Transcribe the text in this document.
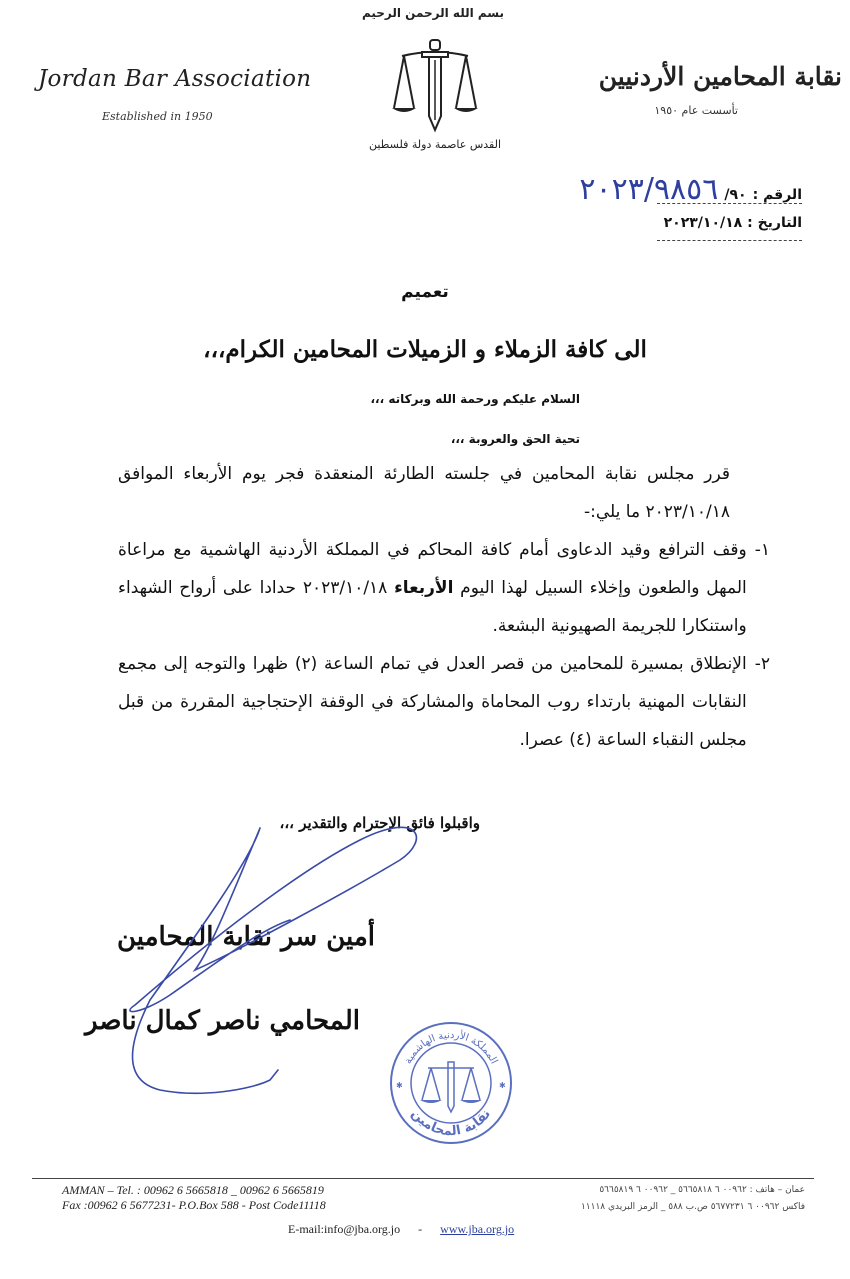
Jordan Bar Association
Established in 1950
بسم الله الرحمن الرحيم
القدس عاصمة دولة فلسطين
نقابة المحامين الأردنيين
تأسست عام ١٩٥٠
الرقم :
٩٠/
٢٠٢٣/٩٨٥٦
التاريخ : ٢٠٢٣/١٠/١٨
تعميم
الى كافة الزملاء و الزميلات المحامين الكرام،،،
السلام عليكم ورحمة الله وبركاته ،،،
تحية الحق والعروبة ،،،

قرر مجلس نقابة المحامين في جلسته الطارئة المنعقدة فجر يوم الأربعاء الموافق ٢٠٢٣/١٠/١٨ ما يلي:-

١-
وقف الترافع وقيد الدعاوى أمام كافة المحاكم في المملكة الأردنية الهاشمية مع مراعاة المهل والطعون وإخلاء السبيل لهذا اليوم الأربعاء ٢٠٢٣/١٠/١٨ حدادا على أرواح الشهداء واستنكارا للجريمة الصهيونية البشعة.
٢-
الإنطلاق بمسيرة للمحامين من قصر العدل في تمام الساعة (٢) ظهرا والتوجه إلى مجمع النقابات المهنية بارتداء روب المحاماة والمشاركة في الوقفة الإحتجاجية المقررة من قبل مجلس النقباء الساعة (٤) عصرا.
واقبلوا فائق الإحترام والتقدير ،،،
أمين سر نقابة المحامين
المحامي ناصر كمال ناصر
المملكة الأردنية الهاشمية
نقابة المحامين
✱	✱
AMMAN – Tel. : 00962 6 5665818 _ 00962 6 5665819
Fax :00962 6 5677231- P.O.Box 588 - Post Code11118
عمان – هاتف : ٠٠٩٦٢ ٦ ٥٦٦٥٨١٨ _ ٠٠٩٦٢ ٦ ٥٦٦٥٨١٩
فاكس ٠٠٩٦٢ ٦ ٥٦٧٧٢٣١ ص.ب ٥٨٨ _ الرمز البريدي ١١١١٨
E-mail:info@jba.org.jo - www.jba.org.jo
